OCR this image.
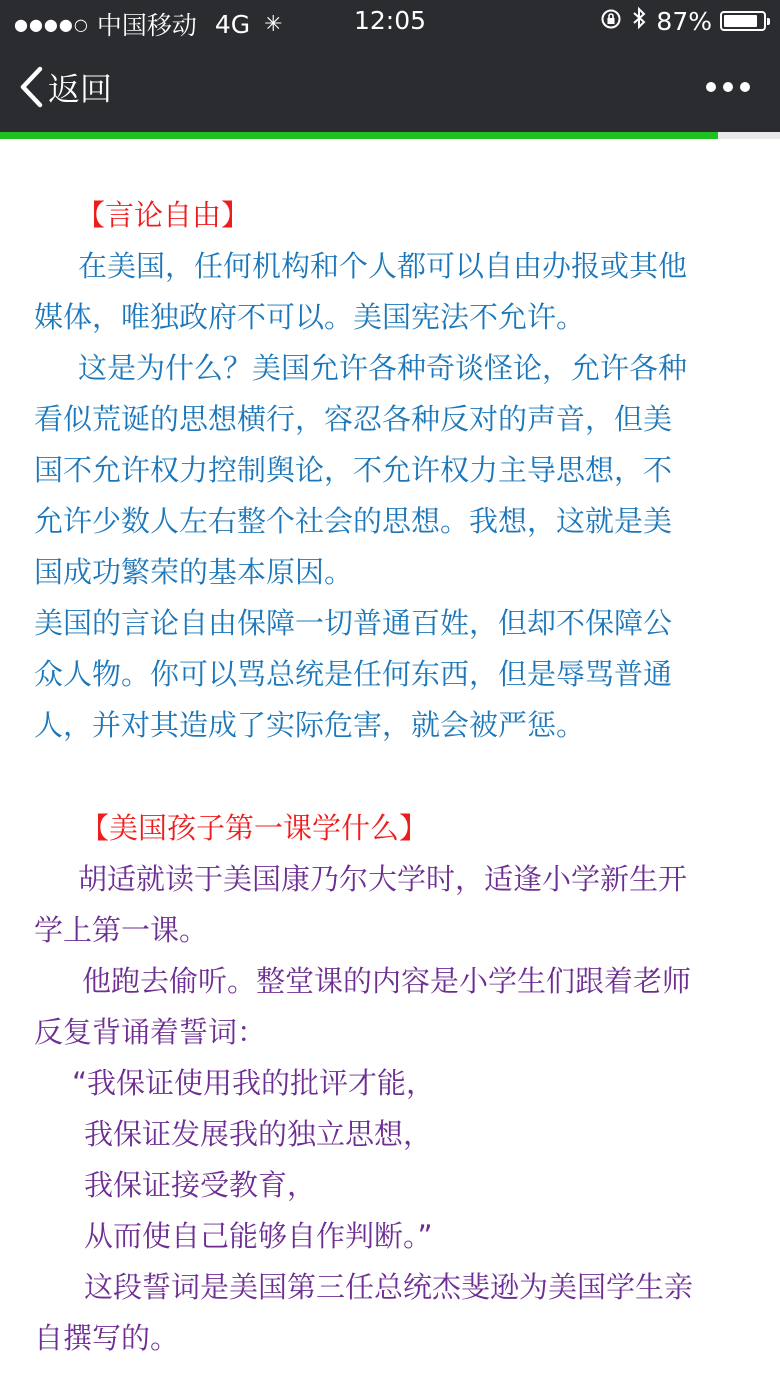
●●●●○ 中国移动 4G ✳	12:05	87%
返回
【言论自由】
在美国，任何机构和个人都可以自由办报或其他
媒体，唯独政府不可以。美国宪法不允许。
这是为什么？美国允许各种奇谈怪论，允许各种
看似荒诞的思想横行，容忍各种反对的声音，但美
国不允许权力控制舆论，不允许权力主导思想，不
允许少数人左右整个社会的思想。我想，这就是美
国成功繁荣的基本原因。
美国的言论自由保障一切普通百姓，但却不保障公
众人物。你可以骂总统是任何东西，但是辱骂普通
人，并对其造成了实际危害，就会被严惩。
【美国孩子第一课学什么】
胡适就读于美国康乃尔大学时，适逢小学新生开
学上第一课。
他跑去偷听。整堂课的内容是小学生们跟着老师
反复背诵着誓词：
“我保证使用我的批评才能，
我保证发展我的独立思想，
我保证接受教育，
从而使自己能够自作判断。”
这段誓词是美国第三任总统杰斐逊为美国学生亲
自撰写的。
